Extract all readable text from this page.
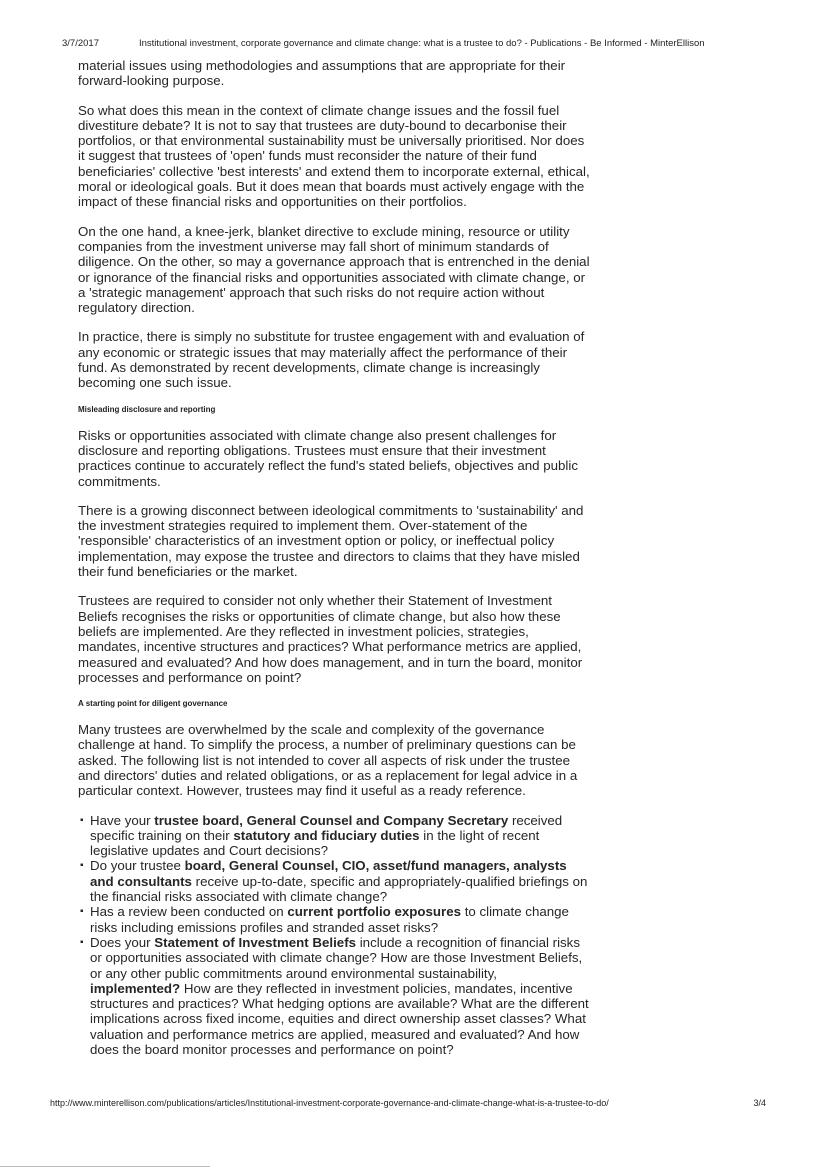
3/7/2017	Institutional investment, corporate governance and climate change: what is a trustee to do? - Publications - Be Informed - MinterEllison

material issues using methodologies and assumptions that are appropriate for their forward-looking purpose.

So what does this mean in the context of climate change issues and the fossil fuel divestiture debate? It is not to say that trustees are duty-bound to decarbonise their portfolios, or that environmental sustainability must be universally prioritised. Nor does it suggest that trustees of 'open' funds must reconsider the nature of their fund beneficiaries' collective 'best interests' and extend them to incorporate external, ethical, moral or ideological goals. But it does mean that boards must actively engage with the impact of these financial risks and opportunities on their portfolios.

On the one hand, a knee-jerk, blanket directive to exclude mining, resource or utility companies from the investment universe may fall short of minimum standards of diligence. On the other, so may a governance approach that is entrenched in the denial or ignorance of the financial risks and opportunities associated with climate change, or a 'strategic management' approach that such risks do not require action without regulatory direction.

In practice, there is simply no substitute for trustee engagement with and evaluation of any economic or strategic issues that may materially affect the performance of their fund. As demonstrated by recent developments, climate change is increasingly becoming one such issue.

Misleading disclosure and reporting

Risks or opportunities associated with climate change also present challenges for disclosure and reporting obligations. Trustees must ensure that their investment practices continue to accurately reflect the fund's stated beliefs, objectives and public commitments.

There is a growing disconnect between ideological commitments to 'sustainability' and the investment strategies required to implement them. Over-statement of the 'responsible' characteristics of an investment option or policy, or ineffectual policy implementation, may expose the trustee and directors to claims that they have misled their fund beneficiaries or the market.

Trustees are required to consider not only whether their Statement of Investment Beliefs recognises the risks or opportunities of climate change, but also how these beliefs are implemented. Are they reflected in investment policies, strategies, mandates, incentive structures and practices? What performance metrics are applied, measured and evaluated? And how does management, and in turn the board, monitor processes and performance on point?

A starting point for diligent governance

Many trustees are overwhelmed by the scale and complexity of the governance challenge at hand. To simplify the process, a number of preliminary questions can be asked. The following list is not intended to cover all aspects of risk under the trustee and directors' duties and related obligations, or as a replacement for legal advice in a particular context. However, trustees may find it useful as a ready reference.

▪ Have your trustee board, General Counsel and Company Secretary received specific training on their statutory and fiduciary duties in the light of recent legislative updates and Court decisions?
▪ Do your trustee board, General Counsel, CIO, asset/fund managers, analysts and consultants receive up-to-date, specific and appropriately-qualified briefings on the financial risks associated with climate change?
▪ Has a review been conducted on current portfolio exposures to climate change risks including emissions profiles and stranded asset risks?
▪ Does your Statement of Investment Beliefs include a recognition of financial risks or opportunities associated with climate change? How are those Investment Beliefs, or any other public commitments around environmental sustainability, implemented? How are they reflected in investment policies, mandates, incentive structures and practices? What hedging options are available? What are the different implications across fixed income, equities and direct ownership asset classes? What valuation and performance metrics are applied, measured and evaluated? And how does the board monitor processes and performance on point?
http://www.minterellison.com/publications/articles/Institutional-investment-corporate-governance-and-climate-change-what-is-a-trustee-to-do/	3/4
